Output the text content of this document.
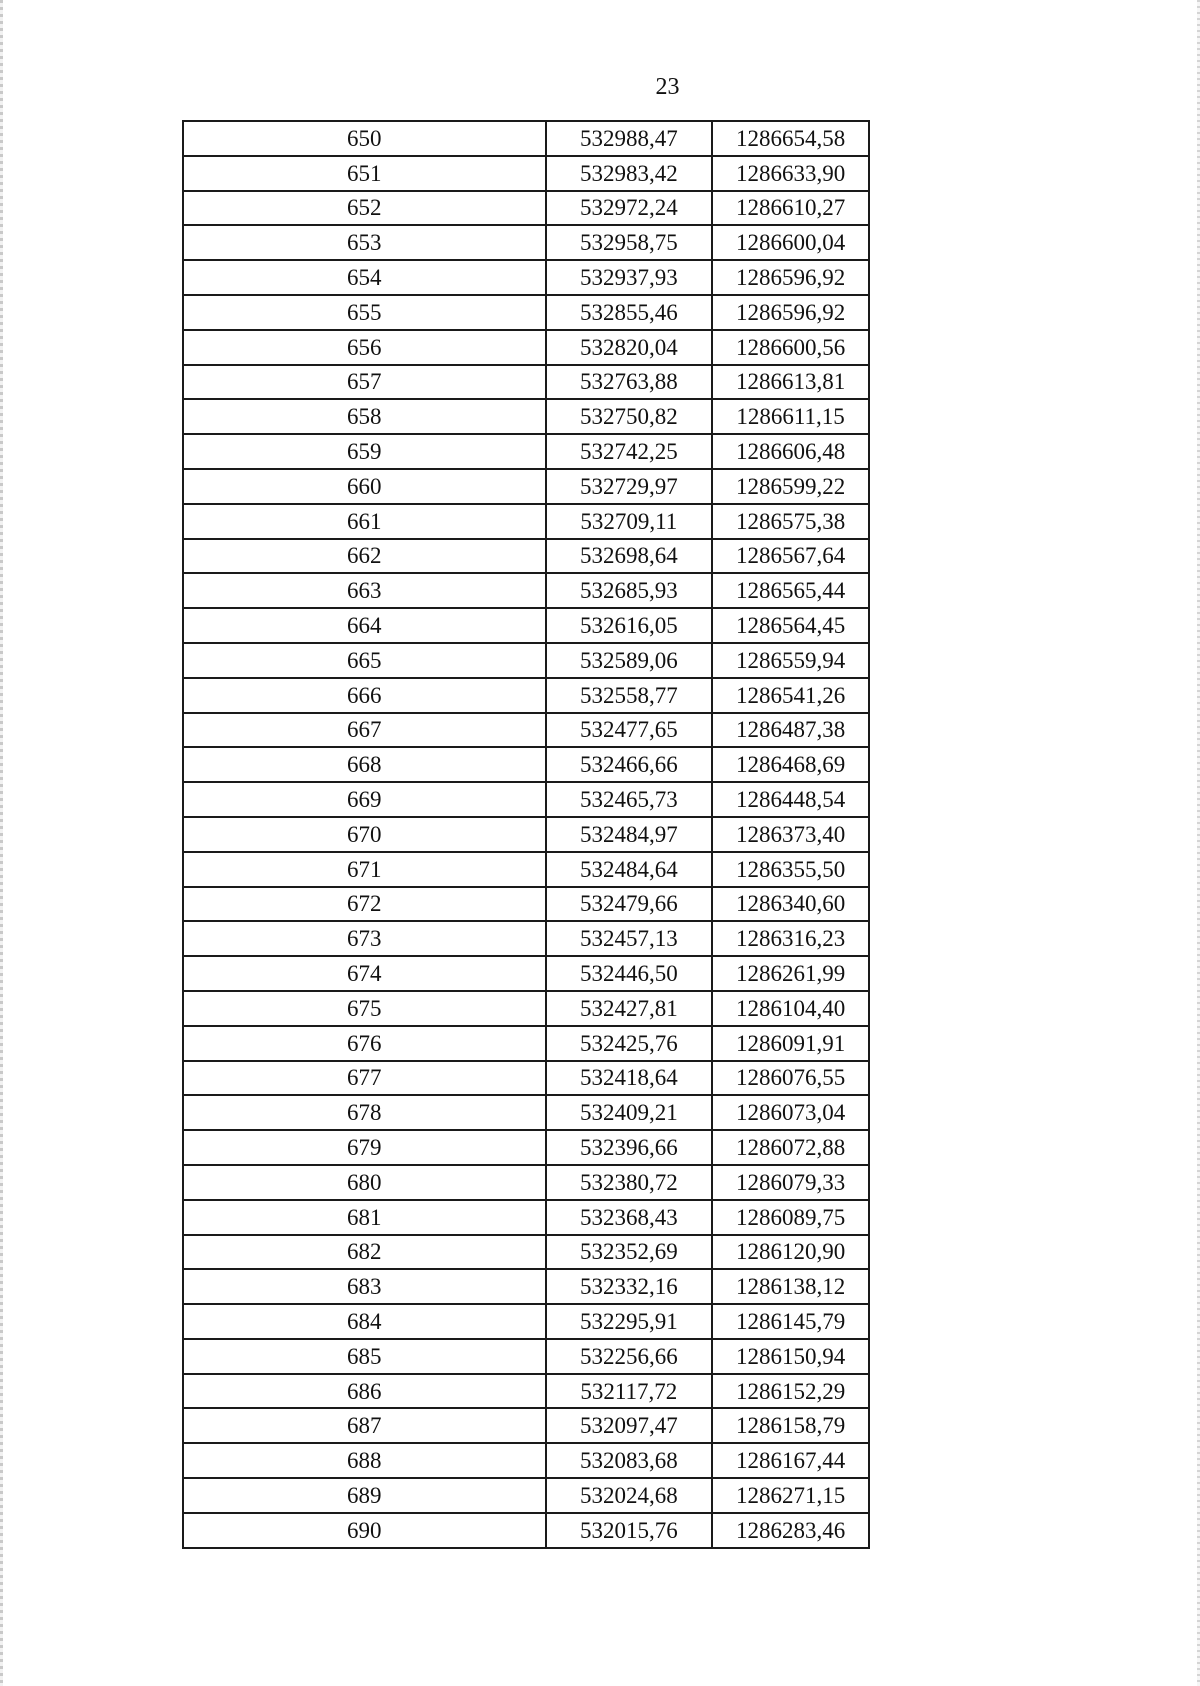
23
650	532988,47	1286654,58
651	532983,42	1286633,90
652	532972,24	1286610,27
653	532958,75	1286600,04
654	532937,93	1286596,92
655	532855,46	1286596,92
656	532820,04	1286600,56
657	532763,88	1286613,81
658	532750,82	1286611,15
659	532742,25	1286606,48
660	532729,97	1286599,22
661	532709,11	1286575,38
662	532698,64	1286567,64
663	532685,93	1286565,44
664	532616,05	1286564,45
665	532589,06	1286559,94
666	532558,77	1286541,26
667	532477,65	1286487,38
668	532466,66	1286468,69
669	532465,73	1286448,54
670	532484,97	1286373,40
671	532484,64	1286355,50
672	532479,66	1286340,60
673	532457,13	1286316,23
674	532446,50	1286261,99
675	532427,81	1286104,40
676	532425,76	1286091,91
677	532418,64	1286076,55
678	532409,21	1286073,04
679	532396,66	1286072,88
680	532380,72	1286079,33
681	532368,43	1286089,75
682	532352,69	1286120,90
683	532332,16	1286138,12
684	532295,91	1286145,79
685	532256,66	1286150,94
686	532117,72	1286152,29
687	532097,47	1286158,79
688	532083,68	1286167,44
689	532024,68	1286271,15
690	532015,76	1286283,46
